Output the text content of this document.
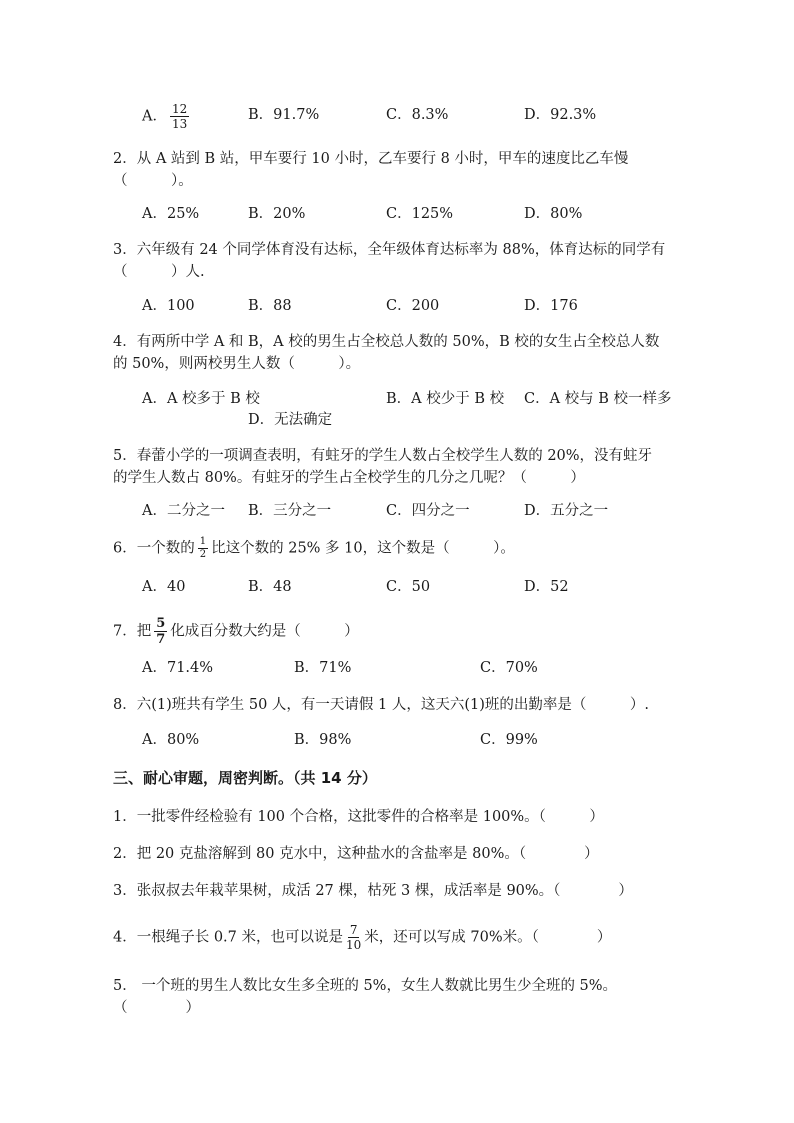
A． $\frac{12}{13}$	B．91.7%	C．8.3%	D．92.3%
2．从 A 站到 B 站，甲车要行 10 小时，乙车要行 8 小时，甲车的速度比乙车慢
（　　　）。
A．25%	B．20%	C．125%	D．80%
3．六年级有 24 个同学体育没有达标，全年级体育达标率为 88%，体育达标的同学有
（　　　）人.
A．100	B．88	C．200	D．176
4．有两所中学 A 和 B，A 校的男生占全校总人数的 50%，B 校的女生占全校总人数
的 50%，则两校男生人数（　　　）。
A．A 校多于 B 校	B．A 校少于 B 校 C．A 校与 B 校一样多
D．无法确定
5．春蕾小学的一项调查表明，有蛀牙的学生人数占全校学生人数的 20%，没有蛀牙
的学生人数占 80%。有蛀牙的学生占全校学生的几分之几呢？（　　　）
A．二分之一 B．三分之一	C．四分之一	D．五分之一
6．一个数的 $\frac{1}{2}$ 比这个数的 25% 多 10，这个数是（　　　）。
A．40	B．48	C．50	D．52
7．把 $\frac{5}{7}$ 化成百分数大约是（　　　）
A．71.4%	B．71%	C．70%
8．六(1)班共有学生 50 人，有一天请假 1 人，这天六(1)班的出勤率是（　　　）.
A．80%	B．98%	C．99%
三、耐心审题，周密判断。（共 14 分）
1．一批零件经检验有 100 个合格，这批零件的合格率是 100%。（　　　）
2．把 20 克盐溶解到 80 克水中，这种盐水的含盐率是 80%。（　　　　）
3．张叔叔去年栽苹果树，成活 27 棵，枯死 3 棵，成活率是 90%。（　　　　）
4．一根绳子长 0.7 米，也可以说是 $\frac{7}{10}$ 米，还可以写成 70%米。（　　　　）
5． 一个班的男生人数比女生多全班的 5%，女生人数就比男生少全班的 5%。
（　　　　）
